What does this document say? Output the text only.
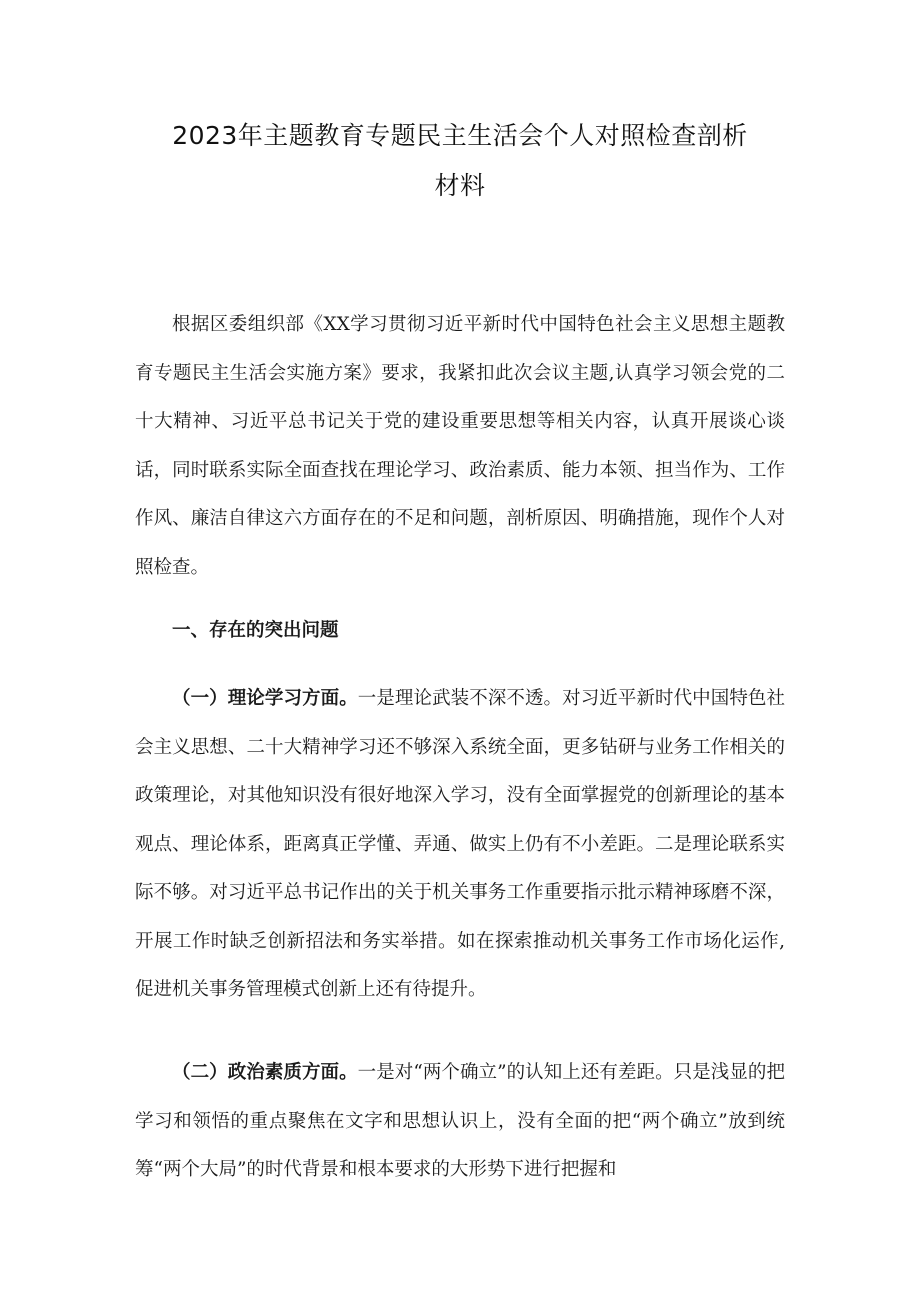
2023年主题教育专题民主生活会个人对照检查剖析
材料

根据区委组织部《XX学习贯彻习近平新时代中国特色社会主义思想主题教育专题民主生活会实施方案》要求，我紧扣此次会议主题,认真学习领会党的二十大精神、习近平总书记关于党的建设重要思想等相关内容，认真开展谈心谈话，同时联系实际全面查找在理论学习、政治素质、能力本领、担当作为、工作作风、廉洁自律这六方面存在的不足和问题，剖析原因、明确措施，现作个人对照检查。

一、存在的突出问题

（一）理论学习方面。一是理论武装不深不透。对习近平新时代中国特色社会主义思想、二十大精神学习还不够深入系统全面，更多钻研与业务工作相关的政策理论，对其他知识没有很好地深入学习，没有全面掌握党的创新理论的基本观点、理论体系，距离真正学懂、弄通、做实上仍有不小差距。二是理论联系实际不够。对习近平总书记作出的关于机关事务工作重要指示批示精神琢磨不深，开展工作时缺乏创新招法和务实举措。如在探索推动机关事务工作市场化运作,促进机关事务管理模式创新上还有待提升。

（二）政治素质方面。一是对“两个确立”的认知上还有差距。只是浅显的把学习和领悟的重点聚焦在文字和思想认识上，没有全面的把“两个确立”放到统筹“两个大局”的时代背景和根本要求的大形势下进行把握和
